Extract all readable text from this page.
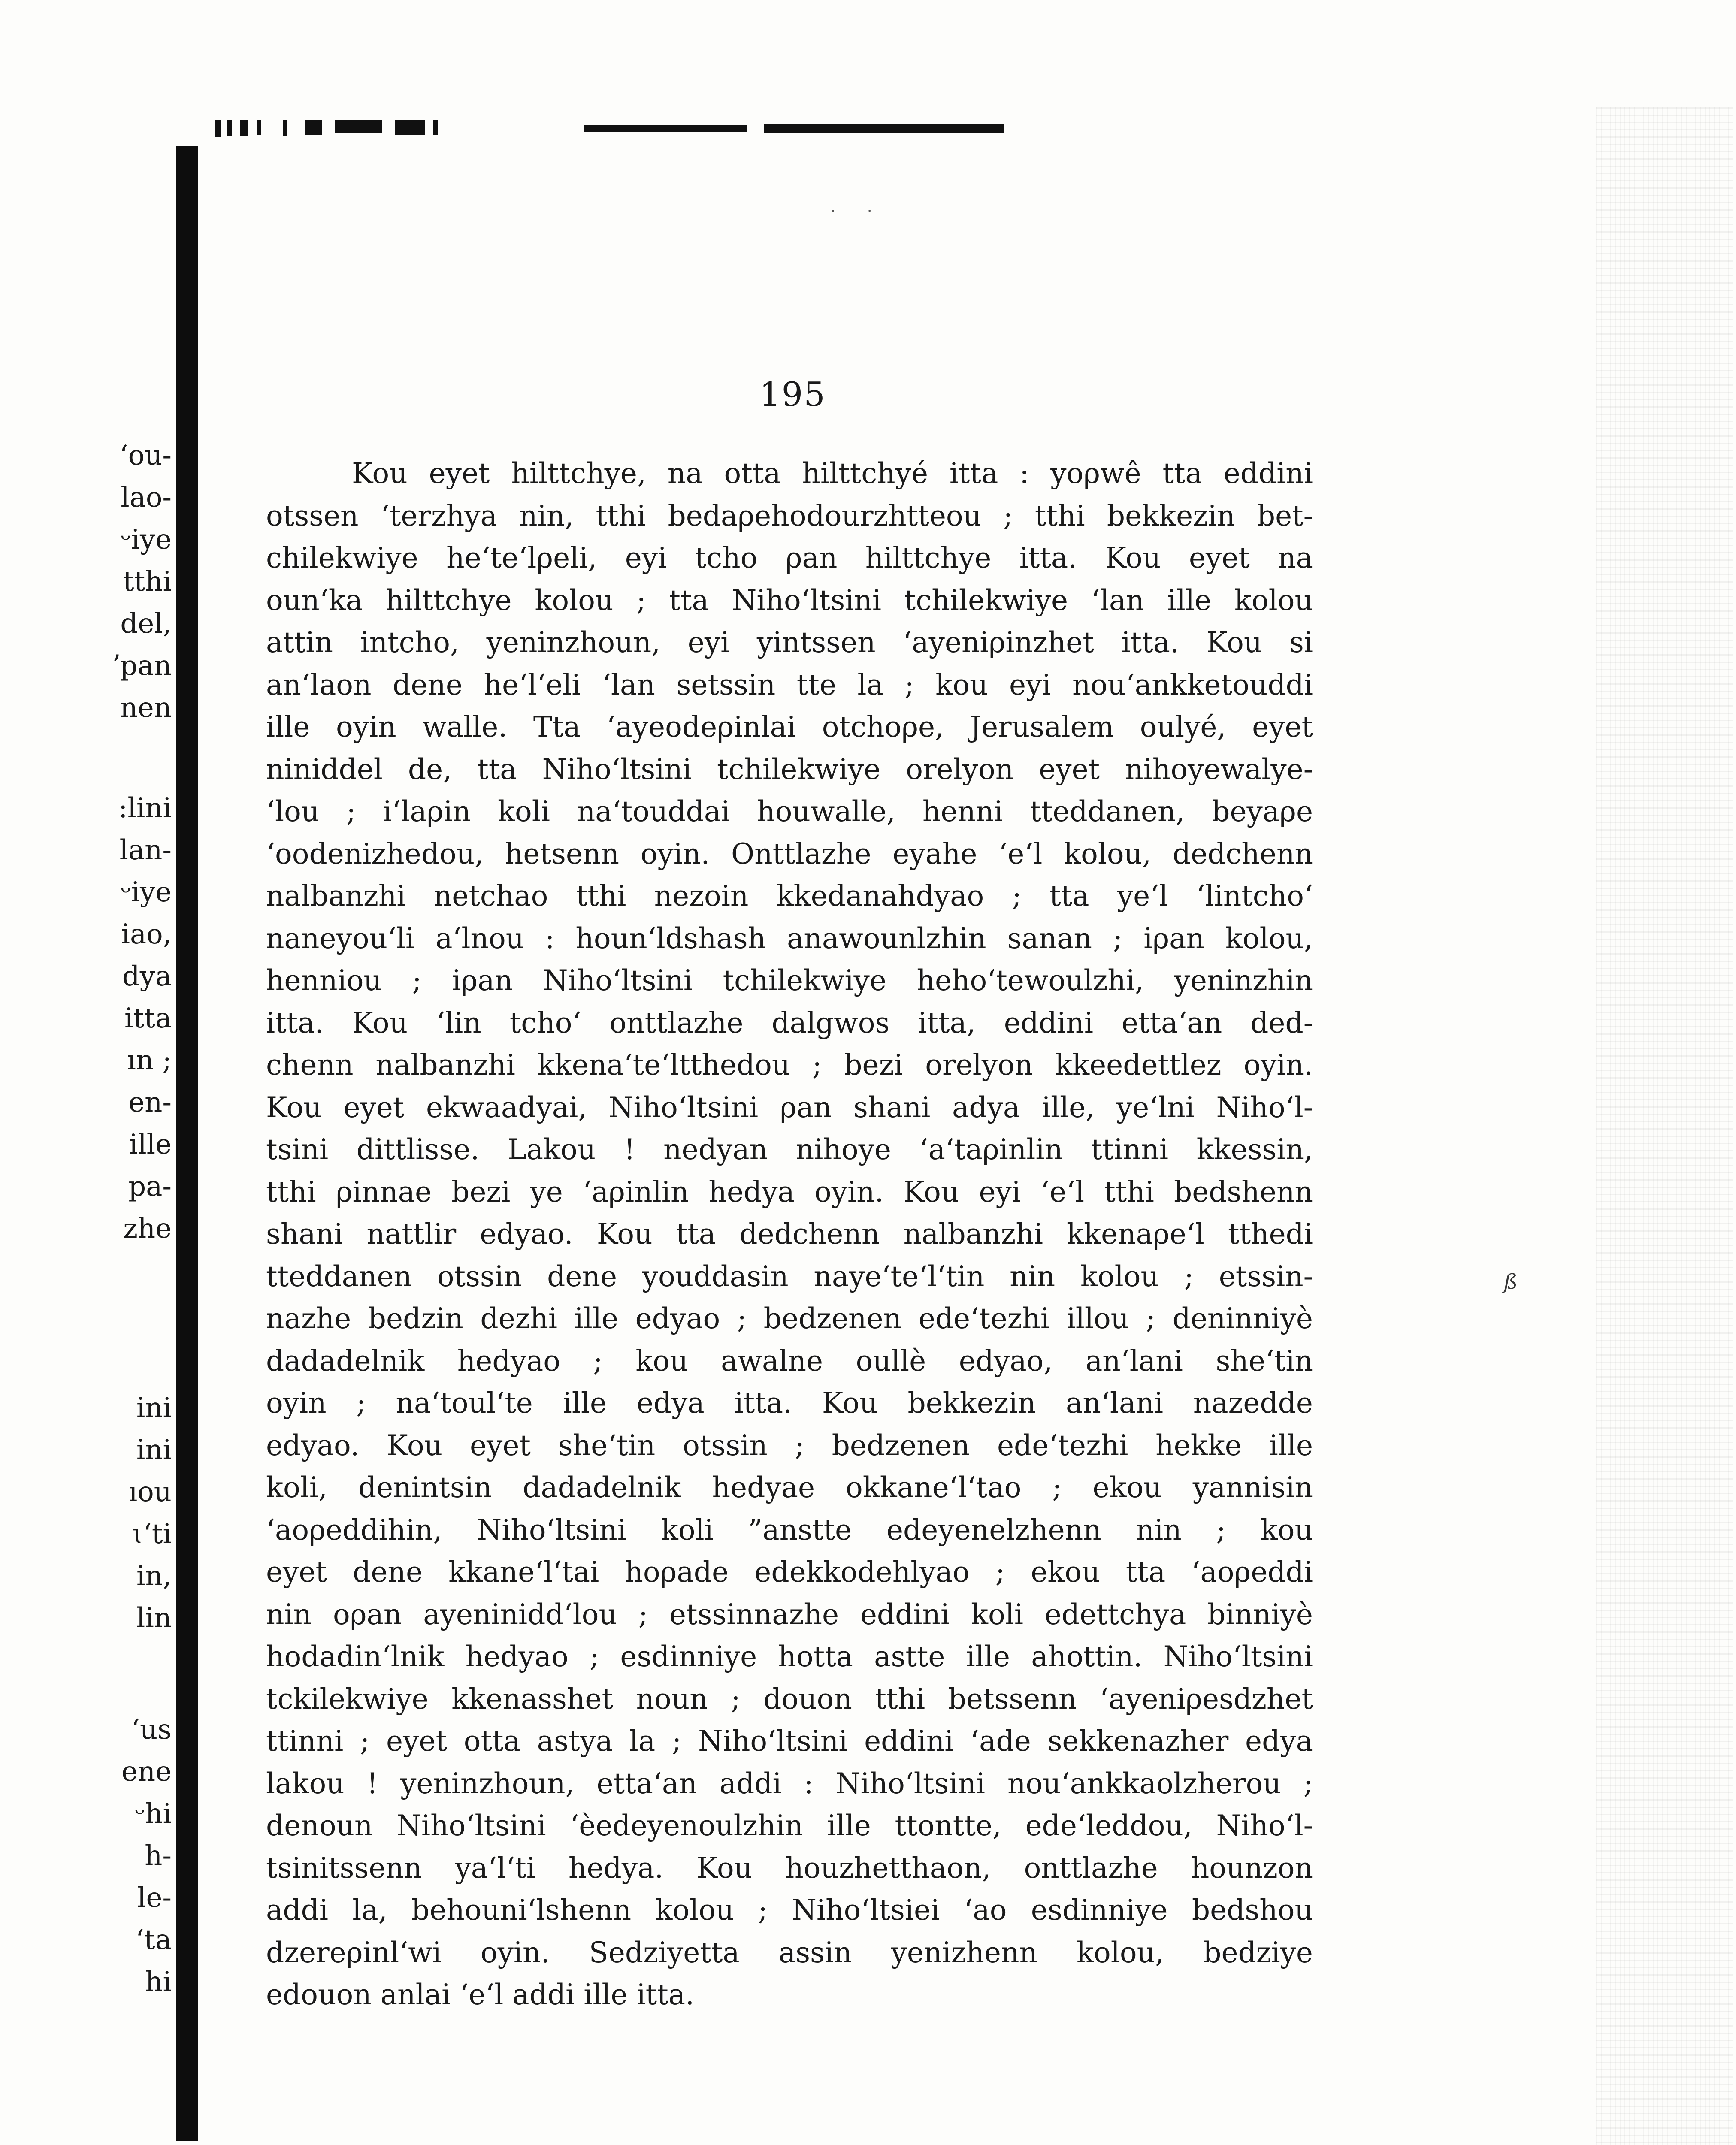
· ·
ß
‘ou-
lao-
ᵕiye
tthi
del,
ʼpan
nen
:lini
lan-
ᵕiye
iao,
dya
itta
ın ;
en-
ille
pa-
zhe
ini
ini
ıou
ɩ‘ti
in,
lin
‘us
ene
ᵕhi
h-
le-
‘ta
hi
195
Kou eyet hilttchye, na otta hilttchyé itta : yoρwê tta eddini
otssen ‘terzhya nin, tthi bedaρehodourzhtteou ; tthi bekkezin bet-
chilekwiye he‘te‘lρeli, eyi tcho ρan hilttchye itta. Kou eyet na
oun‘ka hilttchye kolou ; tta Niho‘ltsini tchilekwiye ‘lan ille kolou
attin intcho, yeninzhoun, eyi yintssen ‘ayeniρinzhet itta. Kou si
an‘laon dene he‘l‘eli ‘lan setssin tte la ; kou eyi nou‘ankketouddi
ille oyin walle. Tta ‘ayeodeρinlai otchoρe, Jerusalem oulyé, eyet
niniddel de, tta Niho‘ltsini tchilekwiye orelyon eyet nihoyewalye-
‘lou ; i‘laρin koli na‘touddai houwalle, henni tteddanen, beyaρe
‘oodenizhedou, hetsenn oyin. Onttlazhe eyahe ‘e‘l kolou, dedchenn
nalbanzhi netchao tthi nezoin kkedanahdyao ; tta ye‘l ‘lintcho‘
naneyou‘li a‘lnou : houn‘ldshash anawounlzhin sanan ; iρan kolou,
henniou ; iρan Niho‘ltsini tchilekwiye heho‘tewoulzhi, yeninzhin
itta. Kou ‘lin tcho‘ onttlazhe dalgwos itta, eddini etta‘an ded-
chenn nalbanzhi kkena‘te‘ltthedou ; bezi orelyon kkeedettlez oyin.
Kou eyet ekwaadyai, Niho‘ltsini ρan shani adya ille, ye‘lni Niho‘l-
tsini dittlisse. Lakou ! nedyan nihoye ‘a‘taρinlin ttinni kkessin,
tthi ρinnae bezi ye ‘aρinlin hedya oyin. Kou eyi ‘e‘l tthi bedshenn
shani nattlir edyao. Kou tta dedchenn nalbanzhi kkenaρe‘l tthedi
tteddanen otssin dene youddasin naye‘te‘l‘tin nin kolou ; etssin-
nazhe bedzin dezhi ille edyao ; bedzenen ede‘tezhi illou ; deninniyè
dadadelnik hedyao ; kou awalne oullè edyao, an‘lani she‘tin
oyin ; na‘toul‘te ille edya itta. Kou bekkezin an‘lani nazedde
edyao. Kou eyet she‘tin otssin ; bedzenen ede‘tezhi hekke ille
koli, denintsin dadadelnik hedyae okkane‘l‘tao ; ekou yannisin
‘aoρeddihin, Niho‘ltsini koli ”anstte edeyenelzhenn nin ; kou
eyet dene kkane‘l‘tai hoρade edekkodehlyao ; ekou tta ‘aoρeddi
nin oρan ayeninidd‘lou ; etssinnazhe eddini koli edettchya binniyè
hodadin‘lnik hedyao ; esdinniye hotta astte ille ahottin. Niho‘ltsini
tckilekwiye kkenasshet noun ; douon tthi betssenn ‘ayeniρesdzhet
ttinni ; eyet otta astya la ; Niho‘ltsini eddini ‘ade sekkenazher edya
lakou ! yeninzhoun, etta‘an addi : Niho‘ltsini nou‘ankkaolzherou ;
denoun Niho‘ltsini ‘èedeyenoulzhin ille ttontte, ede‘leddou, Niho‘l-
tsinitssenn ya‘l‘ti hedya. Kou houzhetthaon, onttlazhe hounzon
addi la, behouni‘lshenn kolou ; Niho‘ltsiei ‘ao esdinniye bedshou
dzereρinl‘wi oyin. Sedziyetta assin yenizhenn kolou, bedziye
edouon anlai ‘e‘l addi ille itta.
